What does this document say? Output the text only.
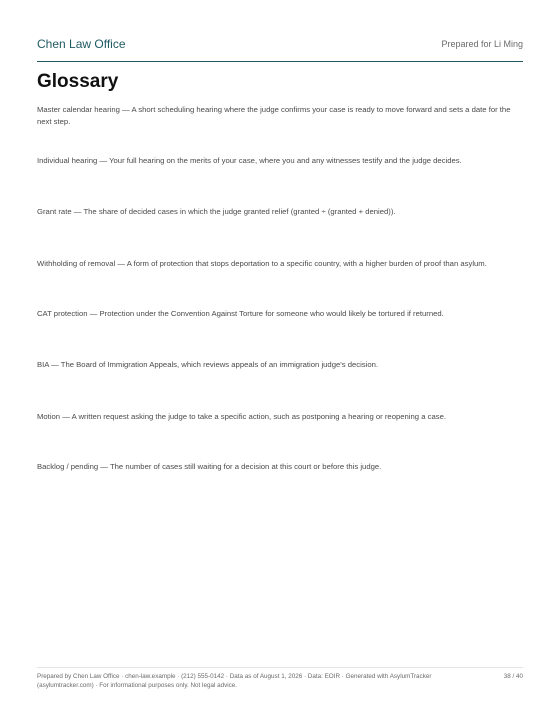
Chen Law Office	Prepared for Li Ming
Glossary
Master calendar hearing — A short scheduling hearing where the judge confirms your case is ready to move forward and sets a date for the next step.
Individual hearing — Your full hearing on the merits of your case, where you and any witnesses testify and the judge decides.
Grant rate — The share of decided cases in which the judge granted relief (granted ÷ (granted + denied)).
Withholding of removal — A form of protection that stops deportation to a specific country, with a higher burden of proof than asylum.
CAT protection — Protection under the Convention Against Torture for someone who would likely be tortured if returned.
BIA — The Board of Immigration Appeals, which reviews appeals of an immigration judge's decision.
Motion — A written request asking the judge to take a specific action, such as postponing a hearing or reopening a case.
Backlog / pending — The number of cases still waiting for a decision at this court or before this judge.
Prepared by Chen Law Office · chen-law.example · (212) 555-0142 · Data as of August 1, 2026 · Data: EOIR · Generated with AsylumTracker (asylumtracker.com) · For informational purposes only. Not legal advice.
38 / 40
